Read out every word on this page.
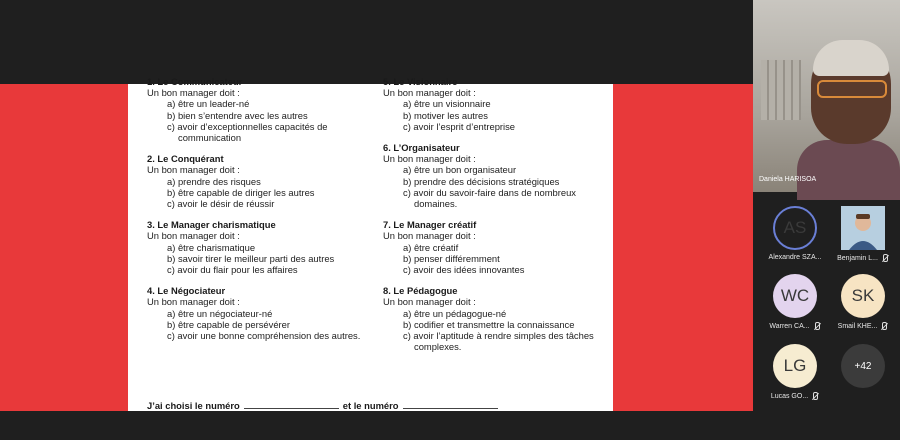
1. Le Communicateur
Un bon manager doit :
a) être un leader-né
b) bien s’entendre avec les autres
c) avoir d’exceptionnelles capacités de communication
2. Le Conquérant
Un bon manager doit :
a) prendre des risques
b) être capable de diriger les autres
c) avoir le désir de réussir
3. Le Manager charismatique
Un bon manager doit :
a) être charismatique
b) savoir tirer le meilleur parti des autres
c) avoir du flair pour les affaires
4. Le Négociateur
Un bon manager doit :
a) être un négociateur-né
b) être capable de persévérer
c) avoir une bonne compréhension des autres.
5. Le Visionnaire
Un bon manager doit :
a) être un visionnaire
b) motiver les autres
c) avoir l’esprit d’entreprise
6. L’Organisateur
Un bon manager doit :
a) être un bon organisateur
b) prendre des décisions stratégiques
c) avoir du savoir-faire dans de nombreux domaines.
7. Le Manager créatif
Un bon manager doit :
a) être créatif
b) penser différemment
c) avoir des idées innovantes
8. Le Pédagogue
Un bon manager doit :
a) être un pédagogue-né
b) codifier et transmettre la connaissance
c) avoir l’aptitude à rendre simples des tâches complexes.
J’ai choisi le numéro	et le numéro
Daniela HARISOA
AS
Alexandre SZA... Benjamin L...
WC
Warren CA...
SK
Smail KHE...
LG
Lucas GO...
+42
